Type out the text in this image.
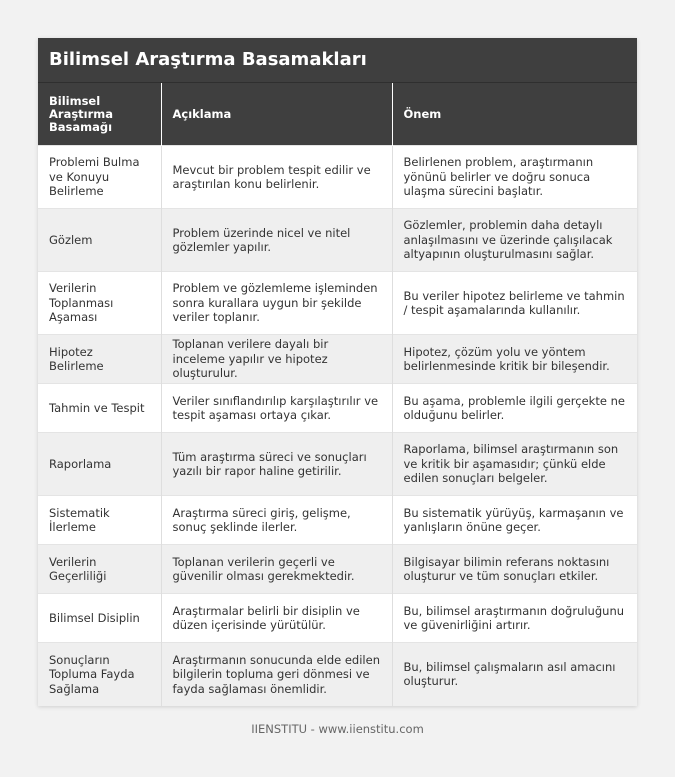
Bilimsel Araştırma Basamakları
Bilimsel Araştırma Basamağı	Açıklama	Önem
Problemi Bulma ve Konuyu Belirleme	Mevcut bir problem tespit edilir ve araştırılan konu belirlenir.	Belirlenen problem, araştırmanın yönünü belirler ve doğru sonuca ulaşma sürecini başlatır.
Gözlem	Problem üzerinde nicel ve nitel gözlemler yapılır.	Gözlemler, problemin daha detaylı anlaşılmasını ve üzerinde çalışılacak altyapının oluşturulmasını sağlar.
Verilerin Toplanması Aşaması	Problem ve gözlemleme işleminden sonra kurallara uygun bir şekilde veriler toplanır.	Bu veriler hipotez belirleme ve tahmin / tespit aşamalarında kullanılır.
Hipotez Belirleme	Toplanan verilere dayalı bir inceleme yapılır ve hipotez oluşturulur.	Hipotez, çözüm yolu ve yöntem belirlenmesinde kritik bir bileşendir.
Tahmin ve Tespit	Veriler sınıflandırılıp karşılaştırılır ve tespit aşaması ortaya çıkar.	Bu aşama, problemle ilgili gerçekte ne olduğunu belirler.
Raporlama	Tüm araştırma süreci ve sonuçları yazılı bir rapor haline getirilir.	Raporlama, bilimsel araştırmanın son ve kritik bir aşamasıdır; çünkü elde edilen sonuçları belgeler.
Sistematik İlerleme	Araştırma süreci giriş, gelişme, sonuç şeklinde ilerler.	Bu sistematik yürüyüş, karmaşanın ve yanlışların önüne geçer.
Verilerin Geçerliliği	Toplanan verilerin geçerli ve güvenilir olması gerekmektedir.	Bilgisayar bilimin referans noktasını oluşturur ve tüm sonuçları etkiler.
Bilimsel Disiplin	Araştırmalar belirli bir disiplin ve düzen içerisinde yürütülür.	Bu, bilimsel araştırmanın doğruluğunu ve güvenirliğini artırır.
Sonuçların Topluma Fayda Sağlama	Araştırmanın sonucunda elde edilen bilgilerin topluma geri dönmesi ve fayda sağlaması önemlidir.	Bu, bilimsel çalışmaların asıl amacını oluşturur.
IIENSTITU - www.iienstitu.com
